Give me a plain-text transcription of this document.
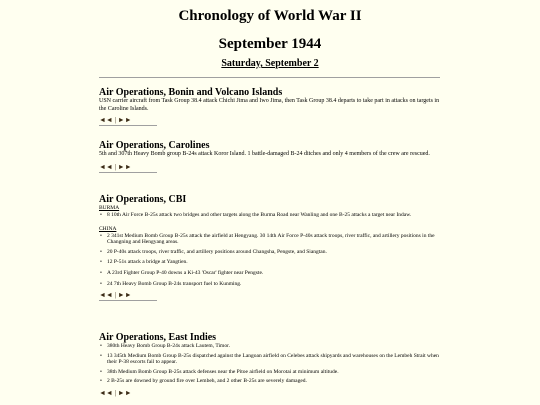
Chronology of World War II
September 1944
Saturday, September 2
Air Operations, Bonin and Volcano Islands

USN carrier aircraft from Task Group 38.4 attack Chichi Jima and Iwo Jima, then Task Group 38.4 departs to take part in attacks on targets in the Caroline Islands.

◄◄ | ►►
Air Operations, Carolines

5th and 307th Heavy Bomb group B-24s attack Koror Island. 1 battle-damaged B-24 ditches and only 4 members of the crew are rescued.

◄◄ | ►►
Air Operations, CBI
BURMA
• 8 10th Air Force B-25s attack two bridges and other targets along the Burma Road near Wanling and one B-25 attacks a target near Indaw.
CHINA
• 2 341st Medium Bomb Group B-25s attack the airfield at Hengyang. 30 14th Air Force P-40s attack troops, river traffic, and artillery positions in the Changning and Hengyang areas.
• 20 P-40s attack troops, river traffic, and artillery positions around Changsha, Pengste, and Siangtan.
• 12 P-51s attack a bridge at Yangtien.
• A 23rd Fighter Group P-40 downs a Ki-43 'Oscar' fighter near Pengste.
• 24 7th Heavy Bomb Group B-24s transport fuel to Kunming.
◄◄ | ►►
Air Operations, East Indies
• 380th Heavy Bomb Group B-24s attack Lautem, Timor.
• 13 345th Medium Bomb Group B-25s dispatched against the Langoan airfield on Celebes attack shipyards and warehouses on the Lembeh Strait when their P-38 escorts fail to appear.
• 38th Medium Bomb Group B-25s attack defenses near the Pitoe airfield on Morotai at minimum altitude.
• 2 B-25s are downed by ground fire over Lembeh, and 2 other B-25s are severely damaged.
◄◄ | ►►
